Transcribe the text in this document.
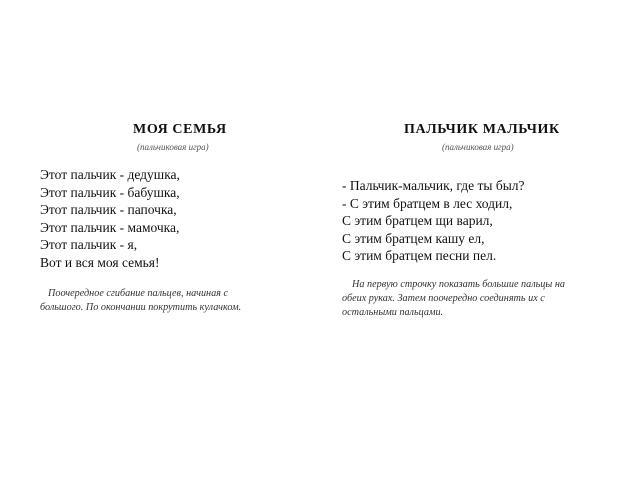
МОЯ СЕМЬЯ
(пальчиковая игра)
Этот пальчик - дедушка,
Этот пальчик - бабушка,
Этот пальчик - папочка,
Этот пальчик - мамочка,
Этот пальчик - я,
Вот и вся моя семья!
Поочередное сгибание пальцев, начиная с
большого. По окончании покрутить кулачком.
ПАЛЬЧИК МАЛЬЧИК
(пальчиковая игра)
- Пальчик-мальчик, где ты был?
- С этим братцем в лес ходил,
С этим братцем щи варил,
С этим братцем кашу ел,
С этим братцем песни пел.
На первую строчку показать большие пальцы на
обеих руках. Затем поочередно соединять их с
остальными пальцами.
